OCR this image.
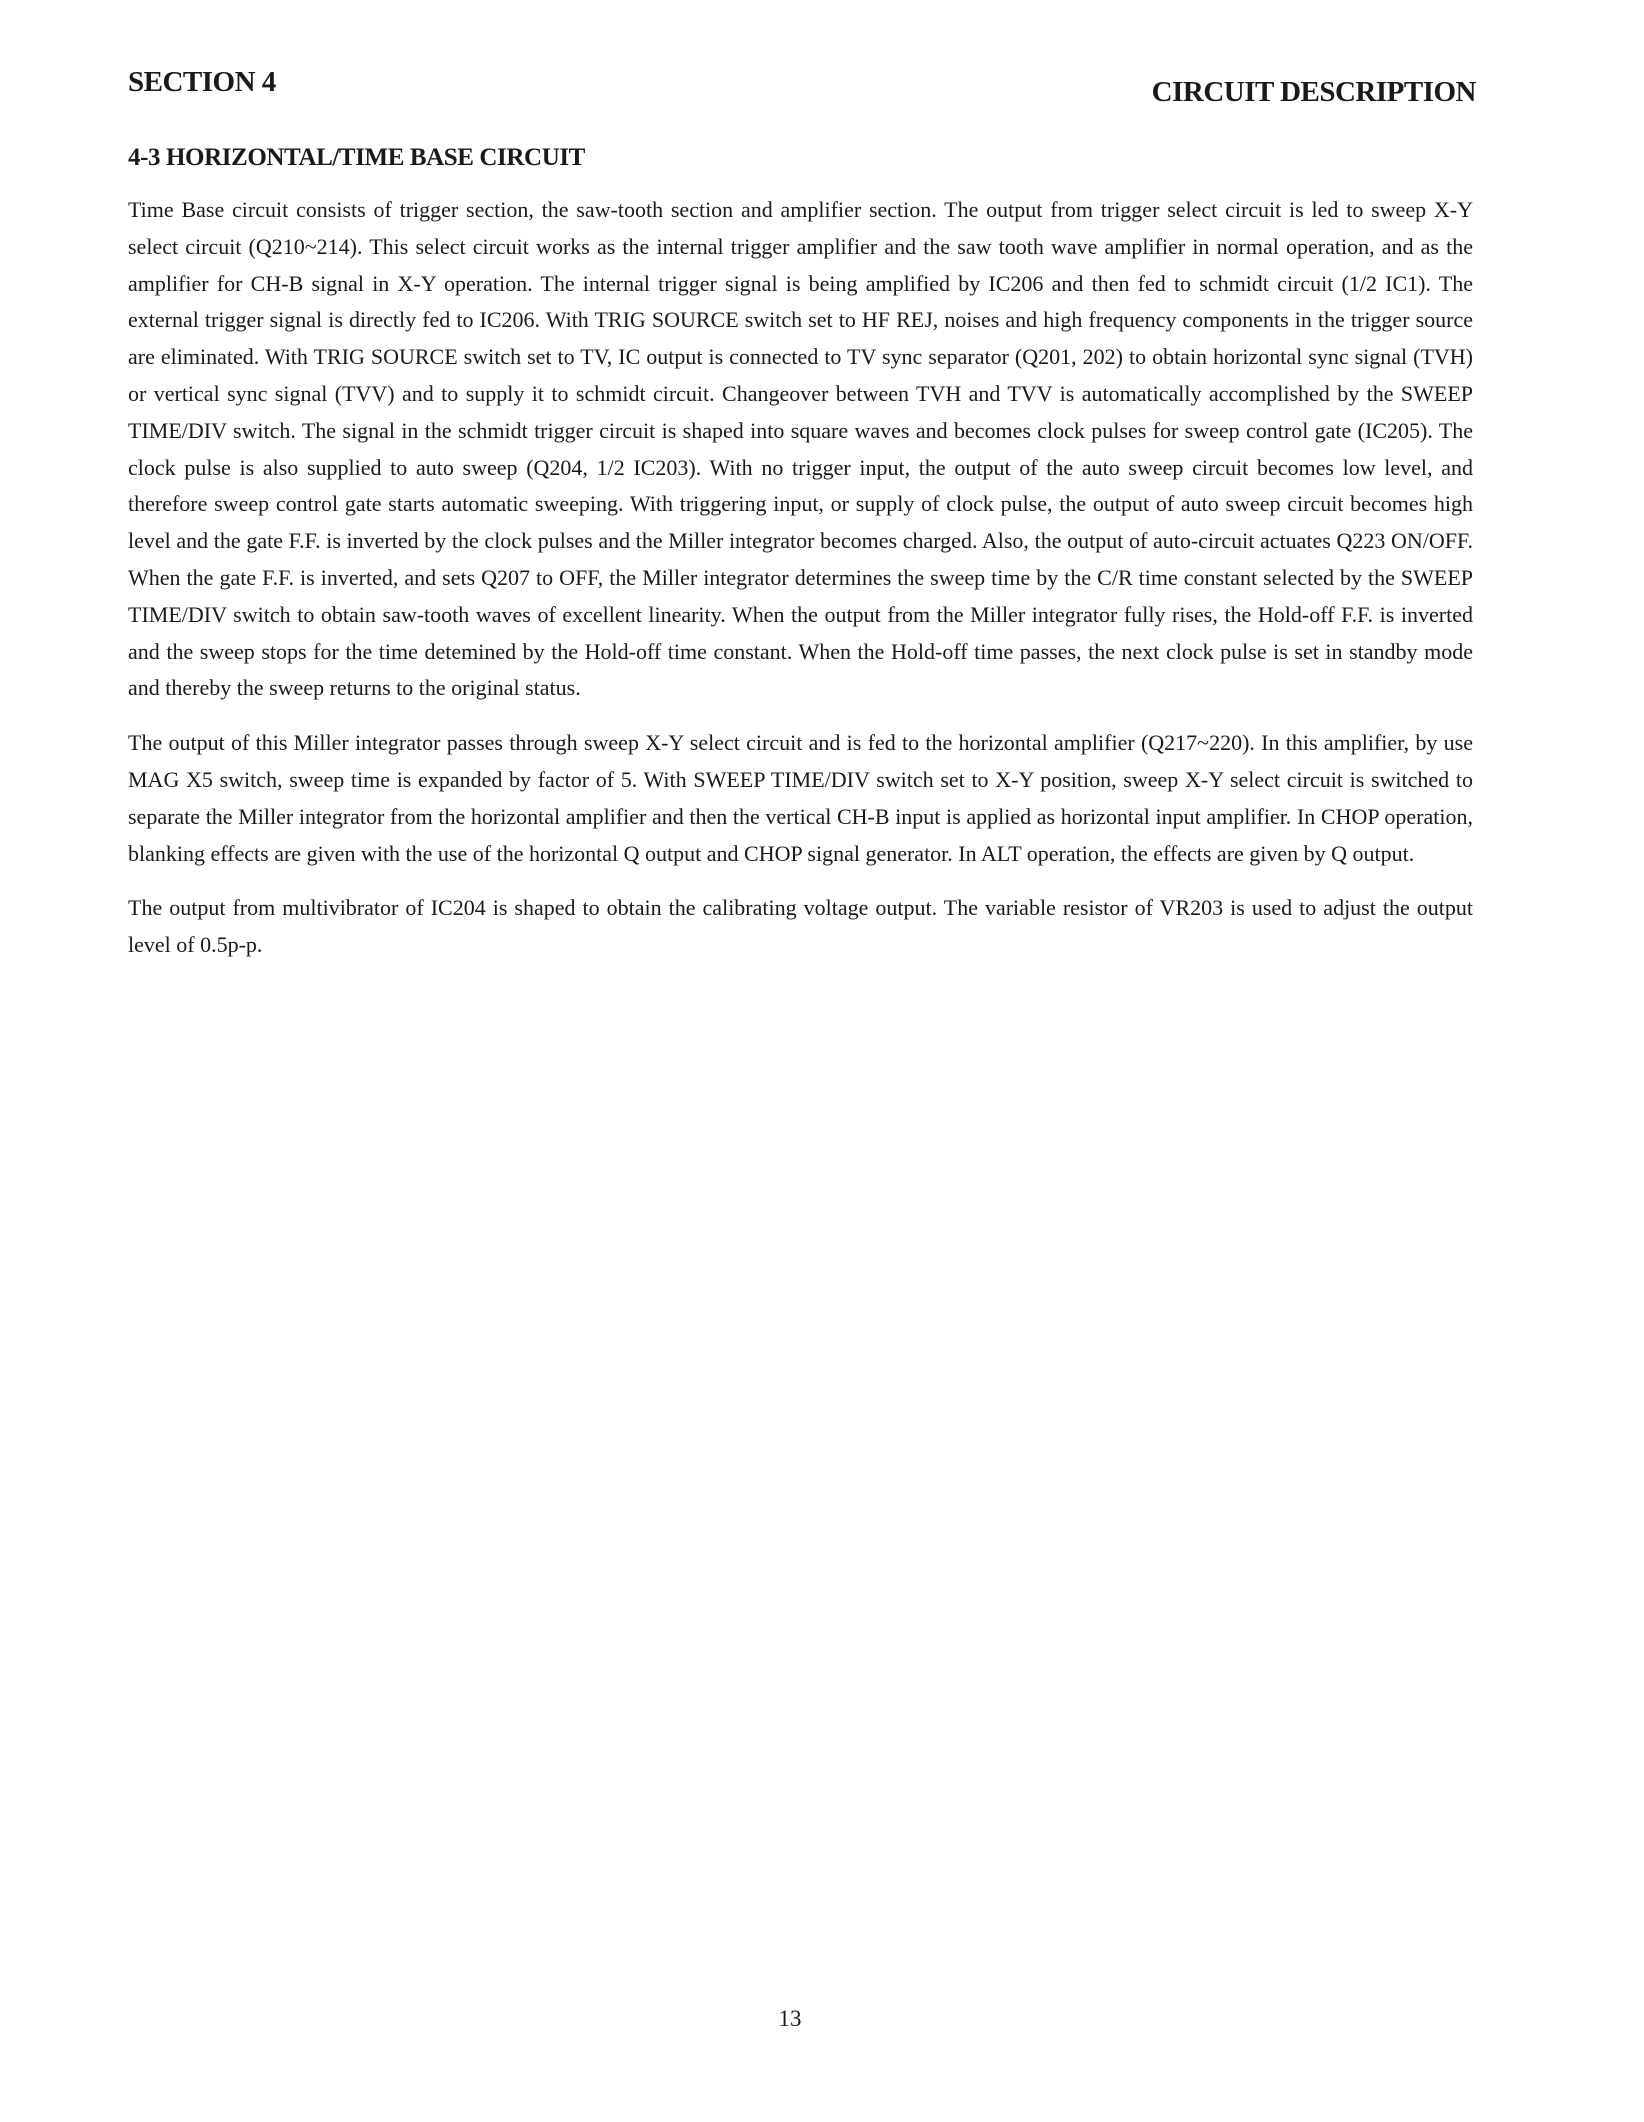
SECTION 4	CIRCUIT DESCRIPTION
4-3 HORIZONTAL/TIME BASE CIRCUIT

Time Base circuit consists of trigger section, the saw-tooth section and amplifier section. The output from trigger select circuit is led to sweep X-Y select circuit (Q210~214). This select circuit works as the internal trigger amplifier and the saw tooth wave amplifier in normal operation, and as the amplifier for CH-B signal in X-Y operation. The internal trigger signal is being amplified by IC206 and then fed to schmidt circuit (1/2 IC1). The external trigger signal is directly fed to IC206. With TRIG SOURCE switch set to HF REJ, noises and high frequency components in the trigger source are eliminated. With TRIG SOURCE switch set to TV, IC output is connected to TV sync separator (Q201, 202) to obtain horizontal sync signal (TVH) or vertical sync signal (TVV) and to supply it to schmidt circuit. Changeover between TVH and TVV is automatically accomplished by the SWEEP TIME/DIV switch. The signal in the schmidt trigger circuit is shaped into square waves and becomes clock pulses for sweep control gate (IC205). The clock pulse is also supplied to auto sweep (Q204, 1/2 IC203). With no trigger input, the output of the auto sweep circuit becomes low level, and therefore sweep control gate starts automatic sweeping. With triggering input, or supply of clock pulse, the output of auto sweep circuit becomes high level and the gate F.F. is inverted by the clock pulses and the Miller integrator becomes charged. Also, the output of auto-circuit actuates Q223 ON/OFF. When the gate F.F. is inverted, and sets Q207 to OFF, the Miller integrator determines the sweep time by the C/R time constant selected by the SWEEP TIME/DIV switch to obtain saw-tooth waves of excellent linearity. When the output from the Miller integrator fully rises, the Hold-off F.F. is inverted and the sweep stops for the time detemined by the Hold-off time constant. When the Hold-off time passes, the next clock pulse is set in standby mode and thereby the sweep returns to the original status.

The output of this Miller integrator passes through sweep X-Y select circuit and is fed to the horizontal amplifier (Q217~220). In this amplifier, by use MAG X5 switch, sweep time is expanded by factor of 5. With SWEEP TIME/DIV switch set to X-Y position, sweep X-Y select circuit is switched to separate the Miller integrator from the horizontal amplifier and then the vertical CH-B input is applied as horizontal input amplifier. In CHOP operation, blanking effects are given with the use of the horizontal Q output and CHOP signal generator. In ALT operation, the effects are given by Q output.

The output from multivibrator of IC204 is shaped to obtain the calibrating voltage output. The variable resistor of VR203 is used to adjust the output level of 0.5p-p.

13
